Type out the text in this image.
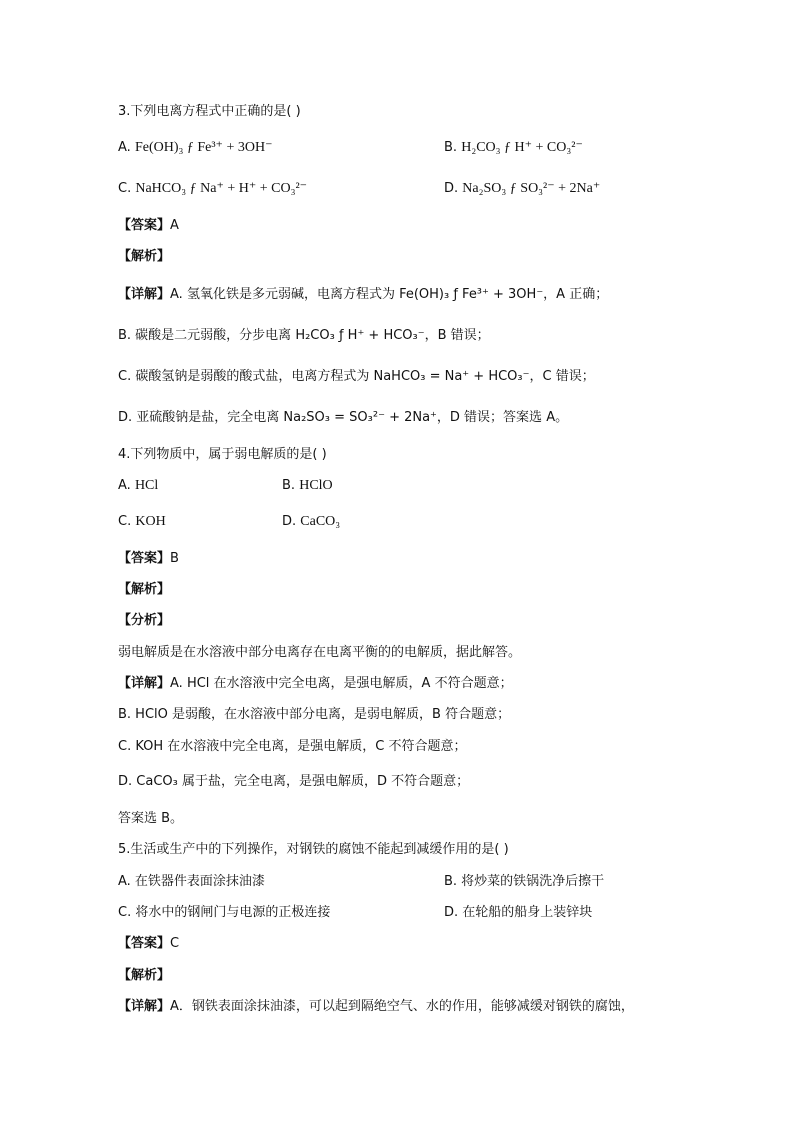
3.下列电离方程式中正确的是( )
A. Fe(OH)₃ ƒ Fe³⁺ + 3OH⁻	B. H₂CO₃ ƒ H⁺ + CO₃²⁻
C. NaHCO₃ ƒ Na⁺ + H⁺ + CO₃²⁻	D. Na₂SO₃ ƒ SO₃²⁻ + 2Na⁺
【答案】A
【解析】
【详解】A. 氢氧化铁是多元弱碱，电离方程式为 Fe(OH)₃ ƒ Fe³⁺ + 3OH⁻，A 正确；
B. 碳酸是二元弱酸，分步电离 H₂CO₃ ƒ H⁺ + HCO₃⁻，B 错误；
C. 碳酸氢钠是弱酸的酸式盐，电离方程式为 NaHCO₃ = Na⁺ + HCO₃⁻，C 错误；
D. 亚硫酸钠是盐，完全电离 Na₂SO₃ = SO₃²⁻ + 2Na⁺，D 错误；答案选 A。
4.下列物质中，属于弱电解质的是( )
A. HCl	B. HClO
C. KOH	D. CaCO₃
【答案】B
【解析】
【分析】
弱电解质是在水溶液中部分电离存在电离平衡的的电解质，据此解答。
【详解】A. HCl 在水溶液中完全电离，是强电解质，A 不符合题意；
B. HClO 是弱酸，在水溶液中部分电离，是弱电解质，B 符合题意；
C. KOH 在水溶液中完全电离，是强电解质，C 不符合题意；
D. CaCO₃ 属于盐，完全电离，是强电解质，D 不符合题意；
答案选 B。
5.生活或生产中的下列操作，对钢铁的腐蚀不能起到减缓作用的是( )
A. 在铁器件表面涂抹油漆	B. 将炒菜的铁锅洗净后擦干
C. 将水中的钢闸门与电源的正极连接	D. 在轮船的船身上装锌块
【答案】C
【解析】
【详解】A．钢铁表面涂抹油漆，可以起到隔绝空气、水的作用，能够减缓对钢铁的腐蚀，
